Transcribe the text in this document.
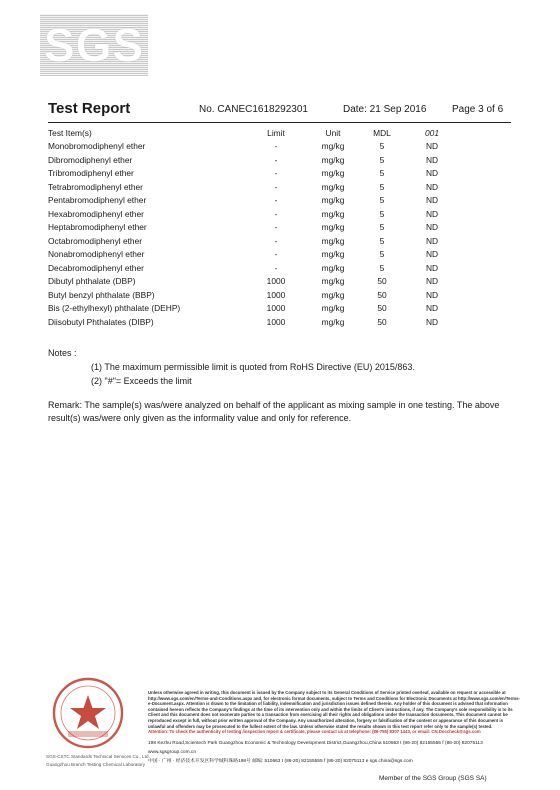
SGS
Test Report	No. CANEC1618292301	Date: 21 Sep 2016	Page 3 of 6
Test Item(s)	Limit	Unit	MDL	001
Monobromodiphenyl ether	-	mg/kg	5	ND
Dibromodiphenyl ether	-	mg/kg	5	ND
Tribromodiphenyl ether	-	mg/kg	5	ND
Tetrabromodiphenyl ether	-	mg/kg	5	ND
Pentabromodiphenyl ether	-	mg/kg	5	ND
Hexabromodiphenyl ether	-	mg/kg	5	ND
Heptabromodiphenyl ether	-	mg/kg	5	ND
Octabromodiphenyl ether	-	mg/kg	5	ND
Nonabromodiphenyl ether	-	mg/kg	5	ND
Decabromodiphenyl ether	-	mg/kg	5	ND
Dibutyl phthalate (DBP)	1000	mg/kg	50	ND
Butyl benzyl phthalate (BBP)	1000	mg/kg	50	ND
Bis (2-ethylhexyl) phthalate (DEHP)	1000	mg/kg	50	ND
Diisobutyl Phthalates (DIBP)	1000	mg/kg	50	ND
Notes :
(1) The maximum permissible limit is quoted from RoHS Directive (EU) 2015/863.
(2) "#"= Exceeds the limit
Remark: The sample(s) was/were analyzed on behalf of the applicant as mixing sample in one testing. The above result(s) was/were only given as the informality value and only for reference.
Unless otherwise agreed in writing, this document is issued by the Company subject to its General Conditions of Service printed overleaf, available on request or accessible at http://www.sgs.com/en/Terms-and-Conditions.aspx and, for electronic format documents, subject to Terms and Conditions for Electronic Documents at http://www.sgs.com/en/Terms-e-Document.aspx. Attention is drawn to the limitation of liability, indemnification and jurisdiction issues defined therein. Any holder of this document is advised that information contained hereon reflects the Company's findings at the time of its intervention only and within the limits of Client's instructions, if any. The Company's sole responsibility is to its Client and this document does not exonerate parties to a transaction from exercising all their rights and obligations under the transaction documents. This document cannot be reproduced except in full, without prior written approval of the Company. Any unauthorized alteration, forgery or falsification of the content or appearance of this document is unlawful and offenders may be prosecuted to the fullest extent of the law. Unless otherwise stated the results shown in this test report refer only to the sample(s) tested.
Attention: To check the authenticity of testing /inspection report & certificate, please contact us at telephone: (86-755) 8307 1443, or email: CN.Doccheck@sgs.com
198 Kezhu Road,Scientech Park Guangzhou Economic & Technology Development District,Guangzhou,China 510663 t (86-20) 82155555 f (86-20) 82075113 www.sgsgroup.com.cn
中国 · 广州 · 经济技术开发区科学城科珠路198号 邮编: 510663 t (86-20) 82155555 f (86-20) 82075113 e sgs.china@sgs.com
SGS-CSTC Standards Technical Services Co., Ltd.
Guangzhou Branch Testing Chemical Laboratory
Member of the SGS Group (SGS SA)
